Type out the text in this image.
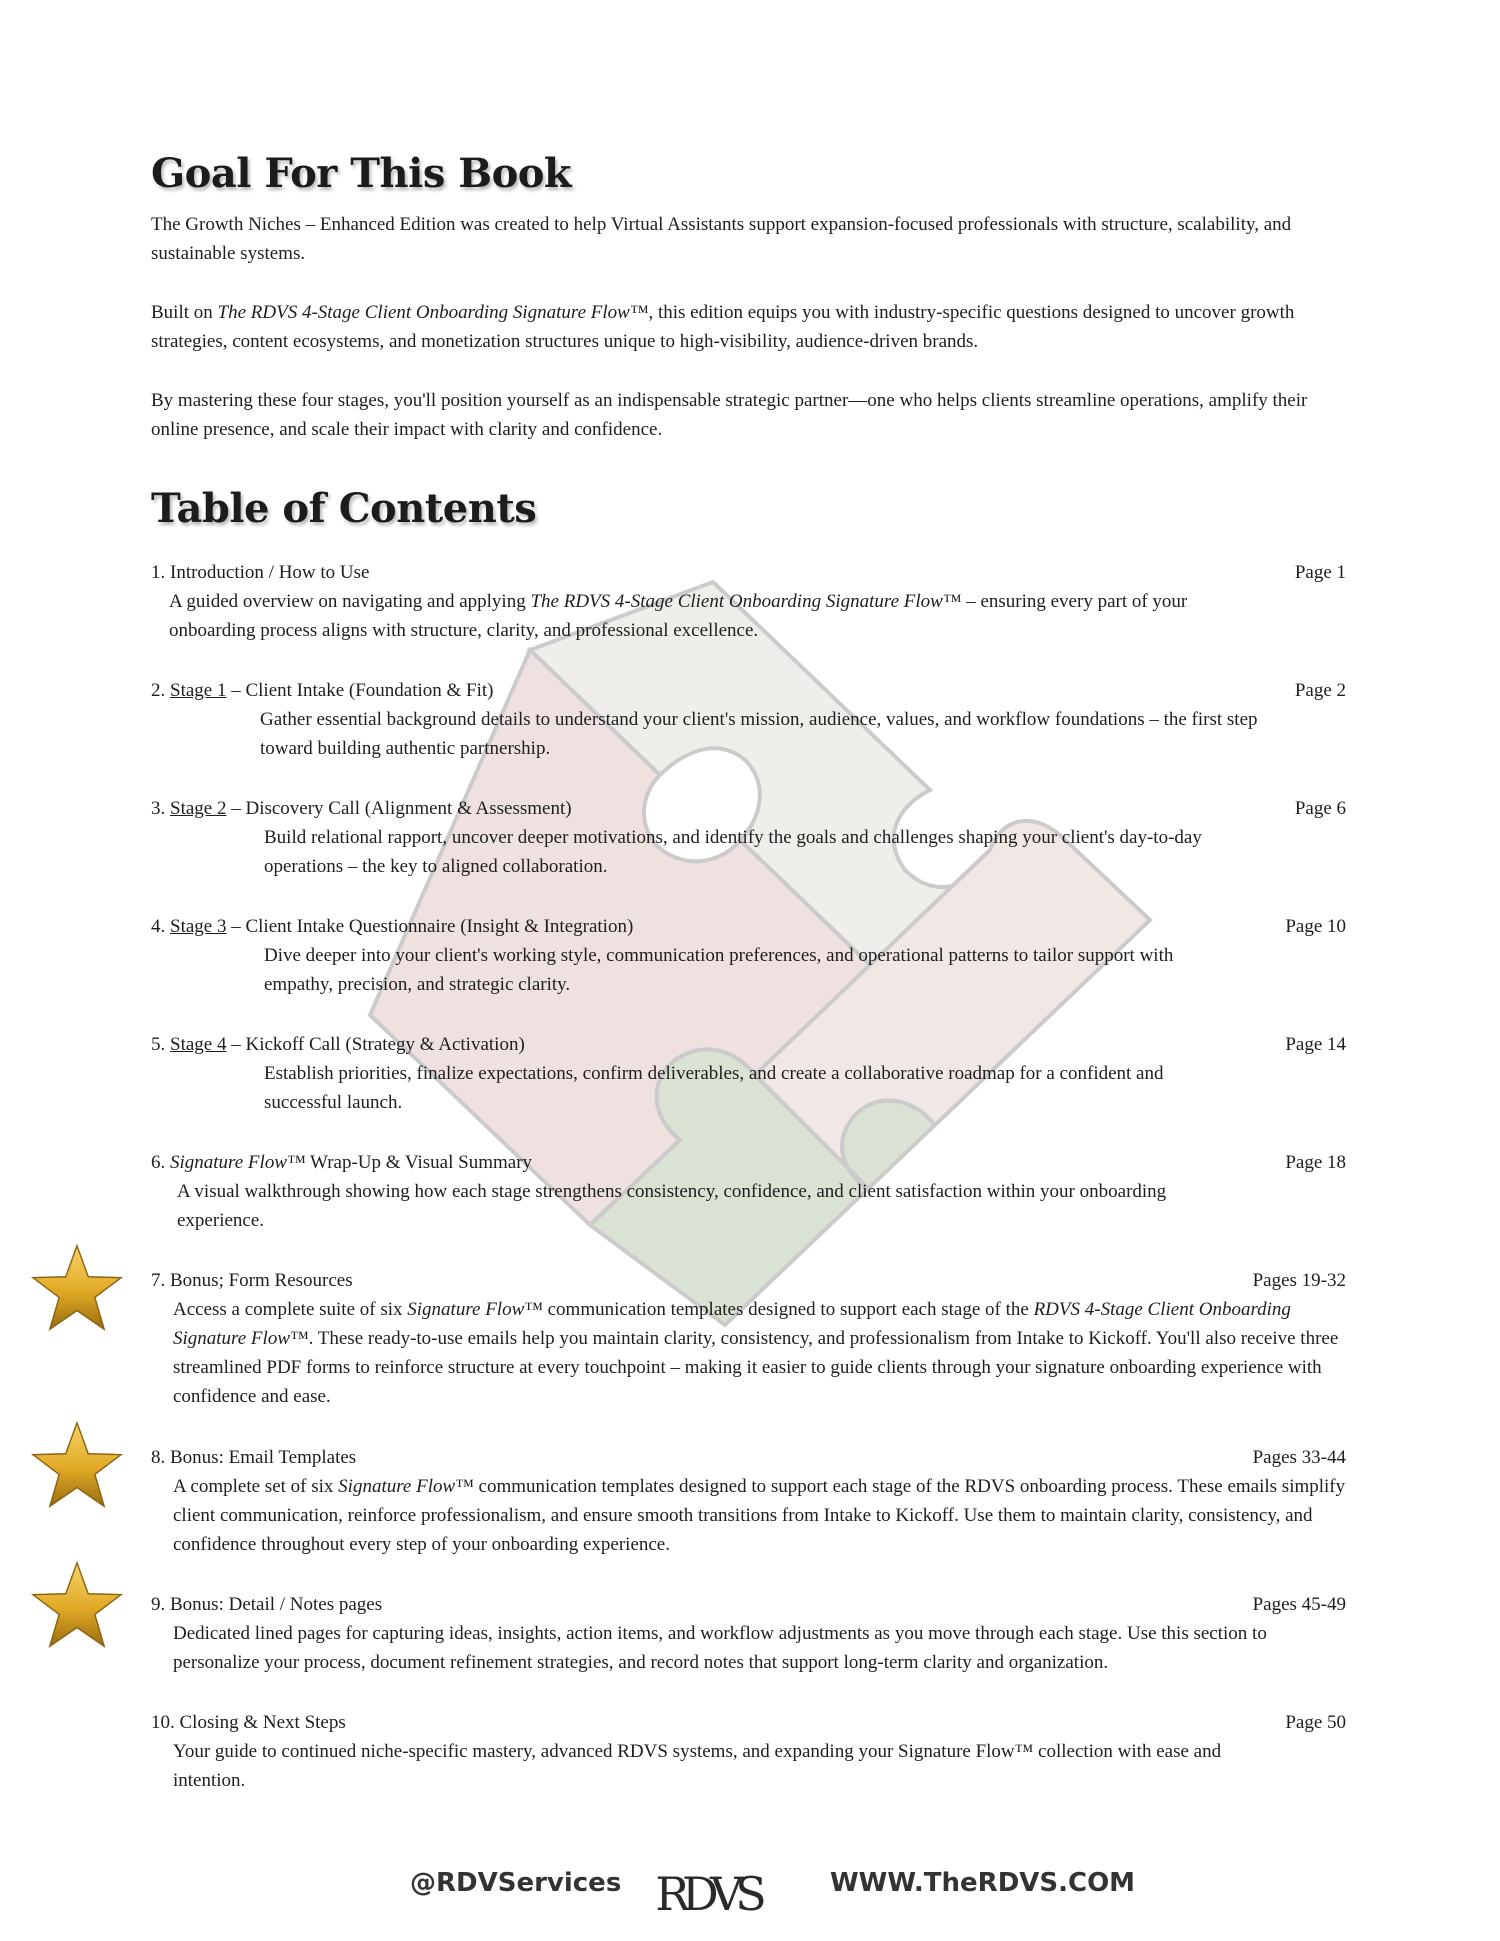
Goal For This Book

The Growth Niches – Enhanced Edition was created to help Virtual Assistants support expansion-focused professionals with structure, scalability, and sustainable systems.

Built on The RDVS 4-Stage Client Onboarding Signature Flow™, this edition equips you with industry-specific questions designed to uncover growth strategies, content ecosystems, and monetization structures unique to high-visibility, audience-driven brands.

By mastering these four stages, you'll position yourself as an indispensable strategic partner—one who helps clients streamline operations, amplify their online presence, and scale their impact with clarity and confidence.

Table of Contents
1. Introduction / How to Use	Page 1

A guided overview on navigating and applying The RDVS 4-Stage Client Onboarding Signature Flow™ – ensuring every part of your onboarding process aligns with structure, clarity, and professional excellence.

2. Stage 1 – Client Intake (Foundation & Fit)	Page 2

Gather essential background details to understand your client's mission, audience, values, and workflow foundations – the first step toward building authentic partnership.

3. Stage 2 – Discovery Call (Alignment & Assessment)	Page 6

Build relational rapport, uncover deeper motivations, and identify the goals and challenges shaping your client's day-to-day operations – the key to aligned collaboration.

4. Stage 3 – Client Intake Questionnaire (Insight & Integration)	Page 10

Dive deeper into your client's working style, communication preferences, and operational patterns to tailor support with empathy, precision, and strategic clarity.

5. Stage 4 – Kickoff Call (Strategy & Activation)	Page 14

Establish priorities, finalize expectations, confirm deliverables, and create a collaborative roadmap for a confident and successful launch.

6. Signature Flow™ Wrap-Up & Visual Summary	Page 18

A visual walkthrough showing how each stage strengthens consistency, confidence, and client satisfaction within your onboarding experience.

7. Bonus; Form Resources	Pages 19-32

Access a complete suite of six Signature Flow™ communication templates designed to support each stage of the RDVS 4-Stage Client Onboarding Signature Flow™. These ready-to-use emails help you maintain clarity, consistency, and professionalism from Intake to Kickoff. You'll also receive three streamlined PDF forms to reinforce structure at every touchpoint – making it easier to guide clients through your signature onboarding experience with confidence and ease.

8. Bonus: Email Templates	Pages 33-44

A complete set of six Signature Flow™ communication templates designed to support each stage of the RDVS onboarding process. These emails simplify client communication, reinforce professionalism, and ensure smooth transitions from Intake to Kickoff. Use them to maintain clarity, consistency, and confidence throughout every step of your onboarding experience.

9. Bonus: Detail / Notes pages	Pages 45-49

Dedicated lined pages for capturing ideas, insights, action items, and workflow adjustments as you move through each stage. Use this section to personalize your process, document refinement strategies, and record notes that support long-term clarity and organization.

10. Closing & Next Steps	Page 50

Your guide to continued niche-specific mastery, advanced RDVS systems, and expanding your Signature Flow™ collection with ease and intention.

@RDVServices RDVS	WWW.TheRDVS.COM
